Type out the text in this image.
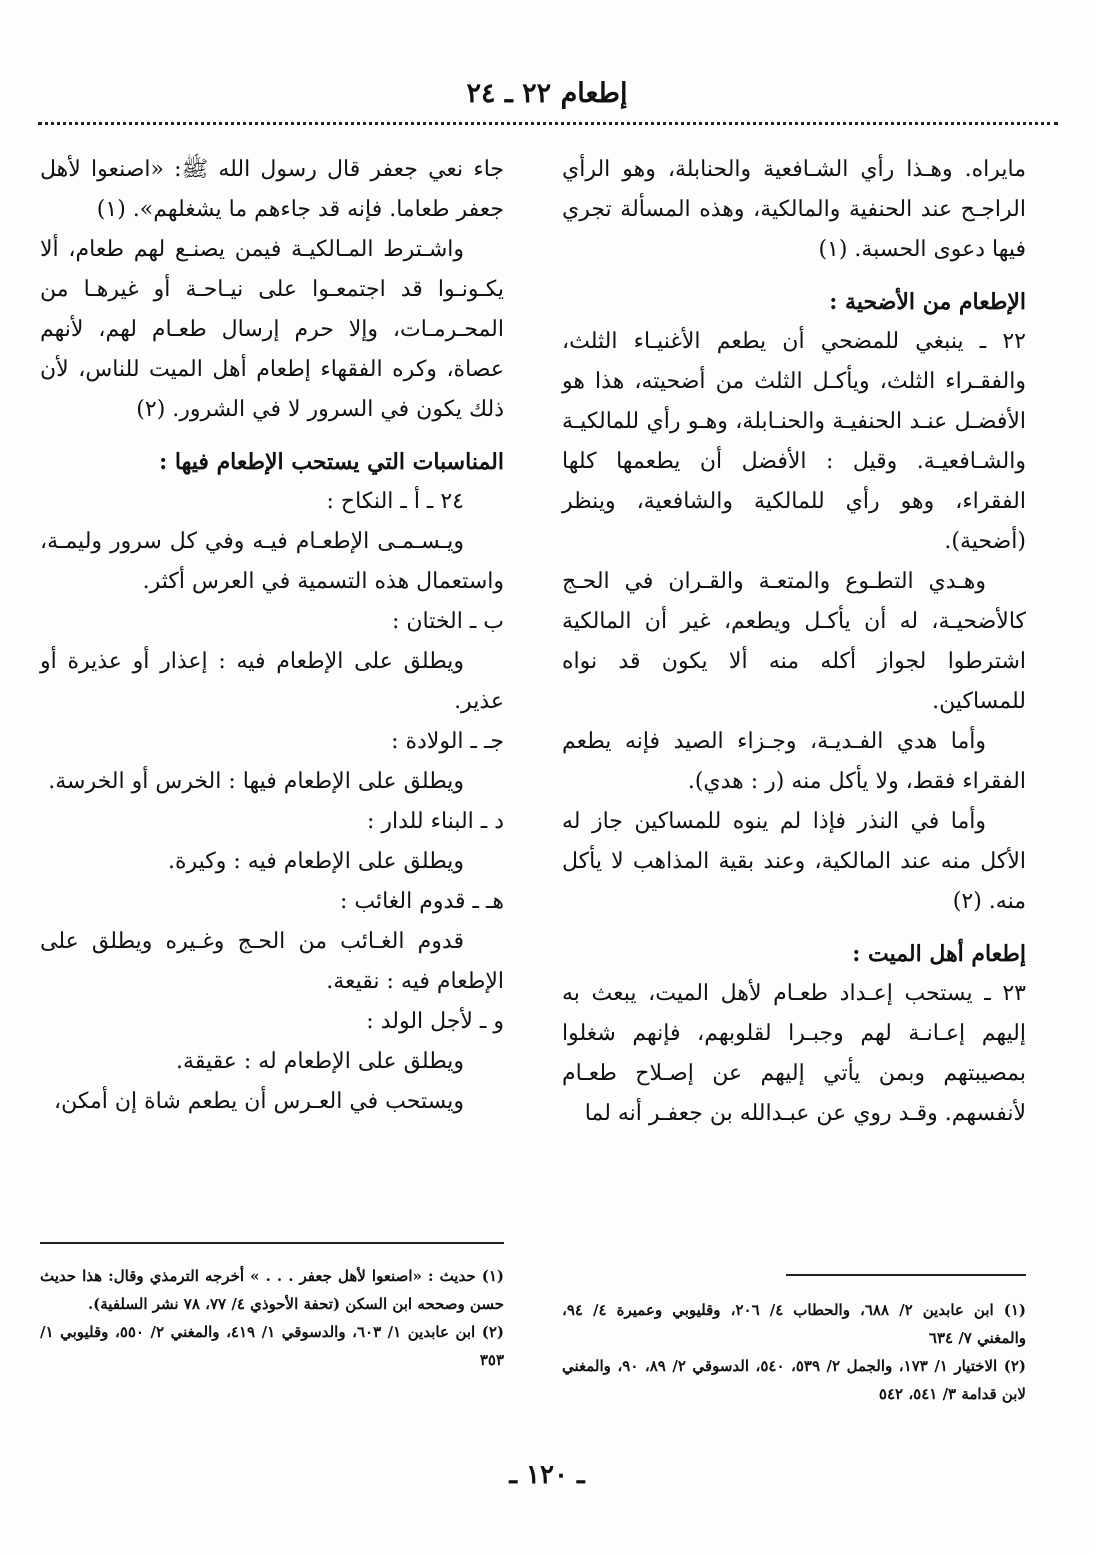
إطعام ٢٢ ـ ٢٤

مايراه. وهـذا رأي الشـافعية والحنابلة، وهو الرأي الراجـح عند الحنفية والمالكية، وهذه المسألة تجري فيها دعوى الحسبة. (١)

الإطعام من الأضحية :

٢٢ ـ ينبغي للمضحي أن يطعم الأغنيـاء الثلث، والفقـراء الثلث، ويأكـل الثلث من أضحيته، هذا هو الأفضـل عنـد الحنفيـة والحنـابلة، وهـو رأي للمالكيـة والشـافعيـة. وقيل : الأفضل أن يطعمها كلها الفقراء، وهو رأي للمالكية والشافعية، وينظر (أضحية).

وهـدي التطـوع والمتعـة والقـران في الحـج كالأضحيـة، له أن يأكـل ويطعم، غير أن المالكية اشترطوا لجواز أكله منه ألا يكون قد نواه للمساكين.

وأما هدي الفـديـة، وجـزاء الصيد فإنه يطعم الفقراء فقط، ولا يأكل منه (ر : هدي).

وأما في النذر فإذا لم ينوه للمساكين جاز له الأكل منه عند المالكية، وعند بقية المذاهب لا يأكل منه. (٢)

إطعام أهل الميت :

٢٣ ـ يستحب إعـداد طعـام لأهل الميت، يبعث به إليهم إعـانـة لهم وجبـرا لقلوبهم، فإنهم شغلوا بمصيبتهم وبمن يأتي إليهم عن إصـلاح طعـام لأنفسهم. وقـد روي عن عبـدالله بن جعفـر أنه لما

جاء نعي جعفر قال رسول الله ﷺ: «اصنعوا لأهل جعفر طعاما. فإنه قد جاءهم ما يشغلهم». (١)

واشـترط المـالكيـة فيمن يصنـع لهم طعام، ألا يكـونـوا قد اجتمعـوا على نيـاحـة أو غيرهـا من المحـرمـات، وإلا حرم إرسال طعـام لهم، لأنهم عصاة، وكره الفقهاء إطعام أهل الميت للناس، لأن ذلك يكون في السرور لا في الشرور. (٢)

المناسبات التي يستحب الإطعام فيها :

٢٤ ـ أ ـ النكاح :

ويـسـمـى الإطعـام فيـه وفي كل سرور وليمـة، واستعمال هذه التسمية في العرس أكثر.

ب ـ الختان :

ويطلق على الإطعام فيه : إعذار أو عذيرة أو عذير.

جـ ـ الولادة :

ويطلق على الإطعام فيها : الخرس أو الخرسة.

د ـ البناء للدار :

ويطلق على الإطعام فيه : وكيرة.

هـ ـ قدوم الغائب :

قدوم الغـائب من الحـج وغـيره ويطلق على الإطعام فيه : نقيعة.

و ـ لأجل الولد :

ويطلق على الإطعام له : عقيقة.

ويستحب في العـرس أن يطعم شاة إن أمكن،

(١) ابن عابدين ٢/ ٦٨٨، والحطاب ٤/ ٢٠٦، وقليوبي وعميرة ٤/ ٩٤، والمغني ٧/ ٦٣٤

(٢) الاختيار ١/ ١٧٣، والجمل ٢/ ٥٣٩، ٥٤٠، الدسوقي ٢/ ٨٩، ٩٠، والمغني لابن قدامة ٣/ ٥٤١، ٥٤٢

(١) حديث : «اصنعوا لأهل جعفر . . . » أخرجه الترمذي وقال: هذا حديث حسن وصححه ابن السكن (تحفة الأحوذي ٤/ ٧٧، ٧٨ نشر السلفية).

(٢) ابن عابدين ١/ ٦٠٣، والدسوقي ١/ ٤١٩، والمغني ٢/ ٥٥٠، وقليوبي ١/ ٣٥٣

ـ ١٢٠ ـ
